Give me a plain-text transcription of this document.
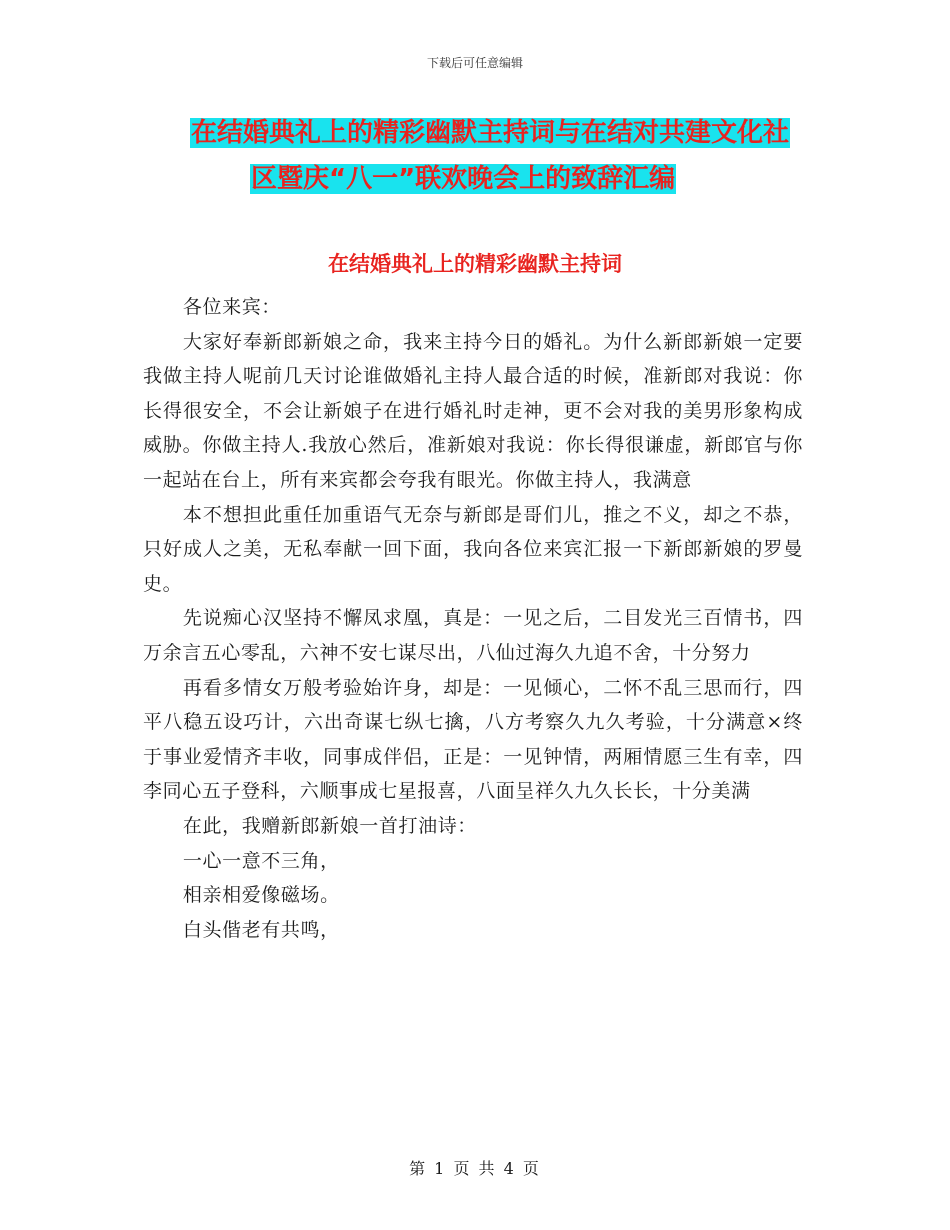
下载后可任意编辑
在结婚典礼上的精彩幽默主持词与在结对共建文化社
区暨庆“八一”联欢晚会上的致辞汇编
在结婚典礼上的精彩幽默主持词

各位来宾：

大家好奉新郎新娘之命，我来主持今日的婚礼。为什么新郎新娘一定要我做主持人呢前几天讨论谁做婚礼主持人最合适的时候，准新郎对我说：你长得很安全，不会让新娘子在进行婚礼时走神，更不会对我的美男形象构成威胁。你做主持人.我放心然后，准新娘对我说：你长得很谦虚，新郎官与你一起站在台上，所有来宾都会夸我有眼光。你做主持人，我满意

本不想担此重任加重语气无奈与新郎是哥们儿，推之不义，却之不恭，只好成人之美，无私奉献一回下面，我向各位来宾汇报一下新郎新娘的罗曼史。

先说痴心汉坚持不懈凤求凰，真是：一见之后，二目发光三百情书，四万余言五心零乱，六神不安七谋尽出，八仙过海久九追不舍，十分努力

再看多情女万般考验始许身，却是：一见倾心，二怀不乱三思而行，四平八稳五设巧计，六出奇谋七纵七擒，八方考察久九久考验，十分满意×终于事业爱情齐丰收，同事成伴侣，正是：一见钟情，两厢情愿三生有幸，四李同心五子登科，六顺事成七星报喜，八面呈祥久九久长长，十分美满

在此，我赠新郎新娘一首打油诗：

一心一意不三角，

相亲相爱像磁场。

白头偕老有共鸣，

第 1 页 共 4 页
